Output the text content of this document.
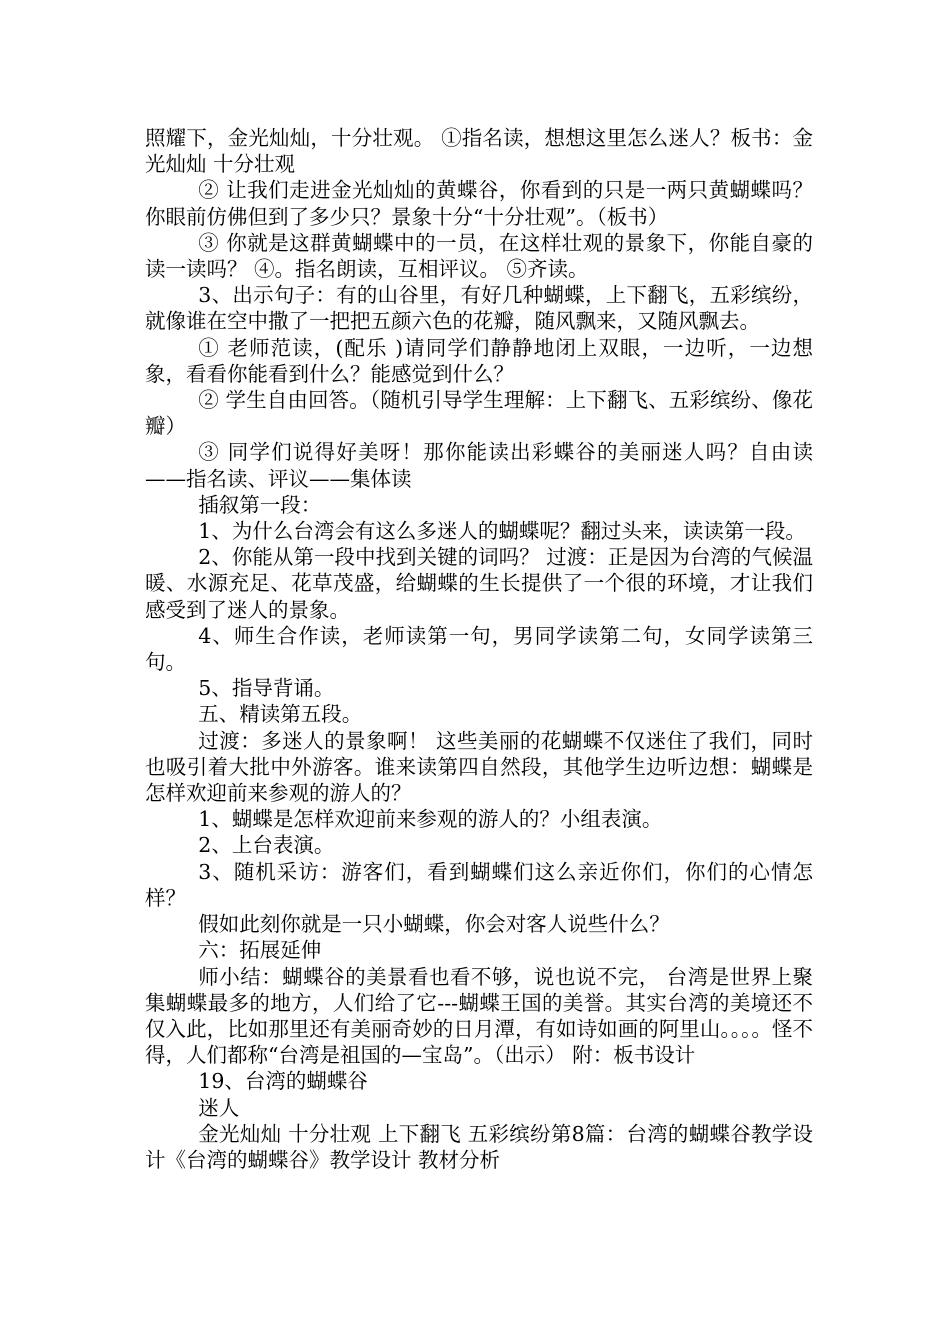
照耀下，金光灿灿，十分壮观。 ①指名读，想想这里怎么迷人？板书：金光灿灿 十分壮观

② 让我们走进金光灿灿的黄蝶谷，你看到的只是一两只黄蝴蝶吗？你眼前仿佛但到了多少只？景象十分“十分壮观”。（板书）

③ 你就是这群黄蝴蝶中的一员，在这样壮观的景象下，你能自豪的读一读吗？ ④。指名朗读，互相评议。 ⑤齐读。

3、出示句子：有的山谷里，有好几种蝴蝶，上下翻飞，五彩缤纷，就像谁在空中撒了一把把五颜六色的花瓣，随风飘来，又随风飘去。

① 老师范读，(配乐 )请同学们静静地闭上双眼，一边听，一边想象，看看你能看到什么？能感觉到什么？

② 学生自由回答。（随机引导学生理解：上下翻飞、五彩缤纷、像花瓣）

③ 同学们说得好美呀！那你能读出彩蝶谷的美丽迷人吗？自由读——指名读、评议——集体读

插叙第一段：

1、为什么台湾会有这么多迷人的蝴蝶呢？翻过头来，读读第一段。

2、你能从第一段中找到关键的词吗？ 过渡：正是因为台湾的气候温暖、水源充足、花草茂盛，给蝴蝶的生长提供了一个很的环境，才让我们感受到了迷人的景象。

4、师生合作读，老师读第一句，男同学读第二句，女同学读第三句。

5、指导背诵。

五、精读第五段。

过渡：多迷人的景象啊！ 这些美丽的花蝴蝶不仅迷住了我们，同时也吸引着大批中外游客。谁来读第四自然段，其他学生边听边想：蝴蝶是怎样欢迎前来参观的游人的？

1、蝴蝶是怎样欢迎前来参观的游人的？小组表演。

2、上台表演。

3、随机采访：游客们，看到蝴蝶们这么亲近你们，你们的心情怎样？

假如此刻你就是一只小蝴蝶，你会对客人说些什么？

六：拓展延伸

师小结：蝴蝶谷的美景看也看不够，说也说不完， 台湾是世界上聚集蝴蝶最多的地方，人们给了它---蝴蝶王国的美誉。其实台湾的美境还不仅入此，比如那里还有美丽奇妙的日月潭，有如诗如画的阿里山。。。。怪不得，人们都称“台湾是祖国的—宝岛”。（出示） 附：板书设计

19、台湾的蝴蝶谷

迷人

金光灿灿 十分壮观 上下翻飞 五彩缤纷第8篇：台湾的蝴蝶谷教学设计《台湾的蝴蝶谷》教学设计 教材分析
